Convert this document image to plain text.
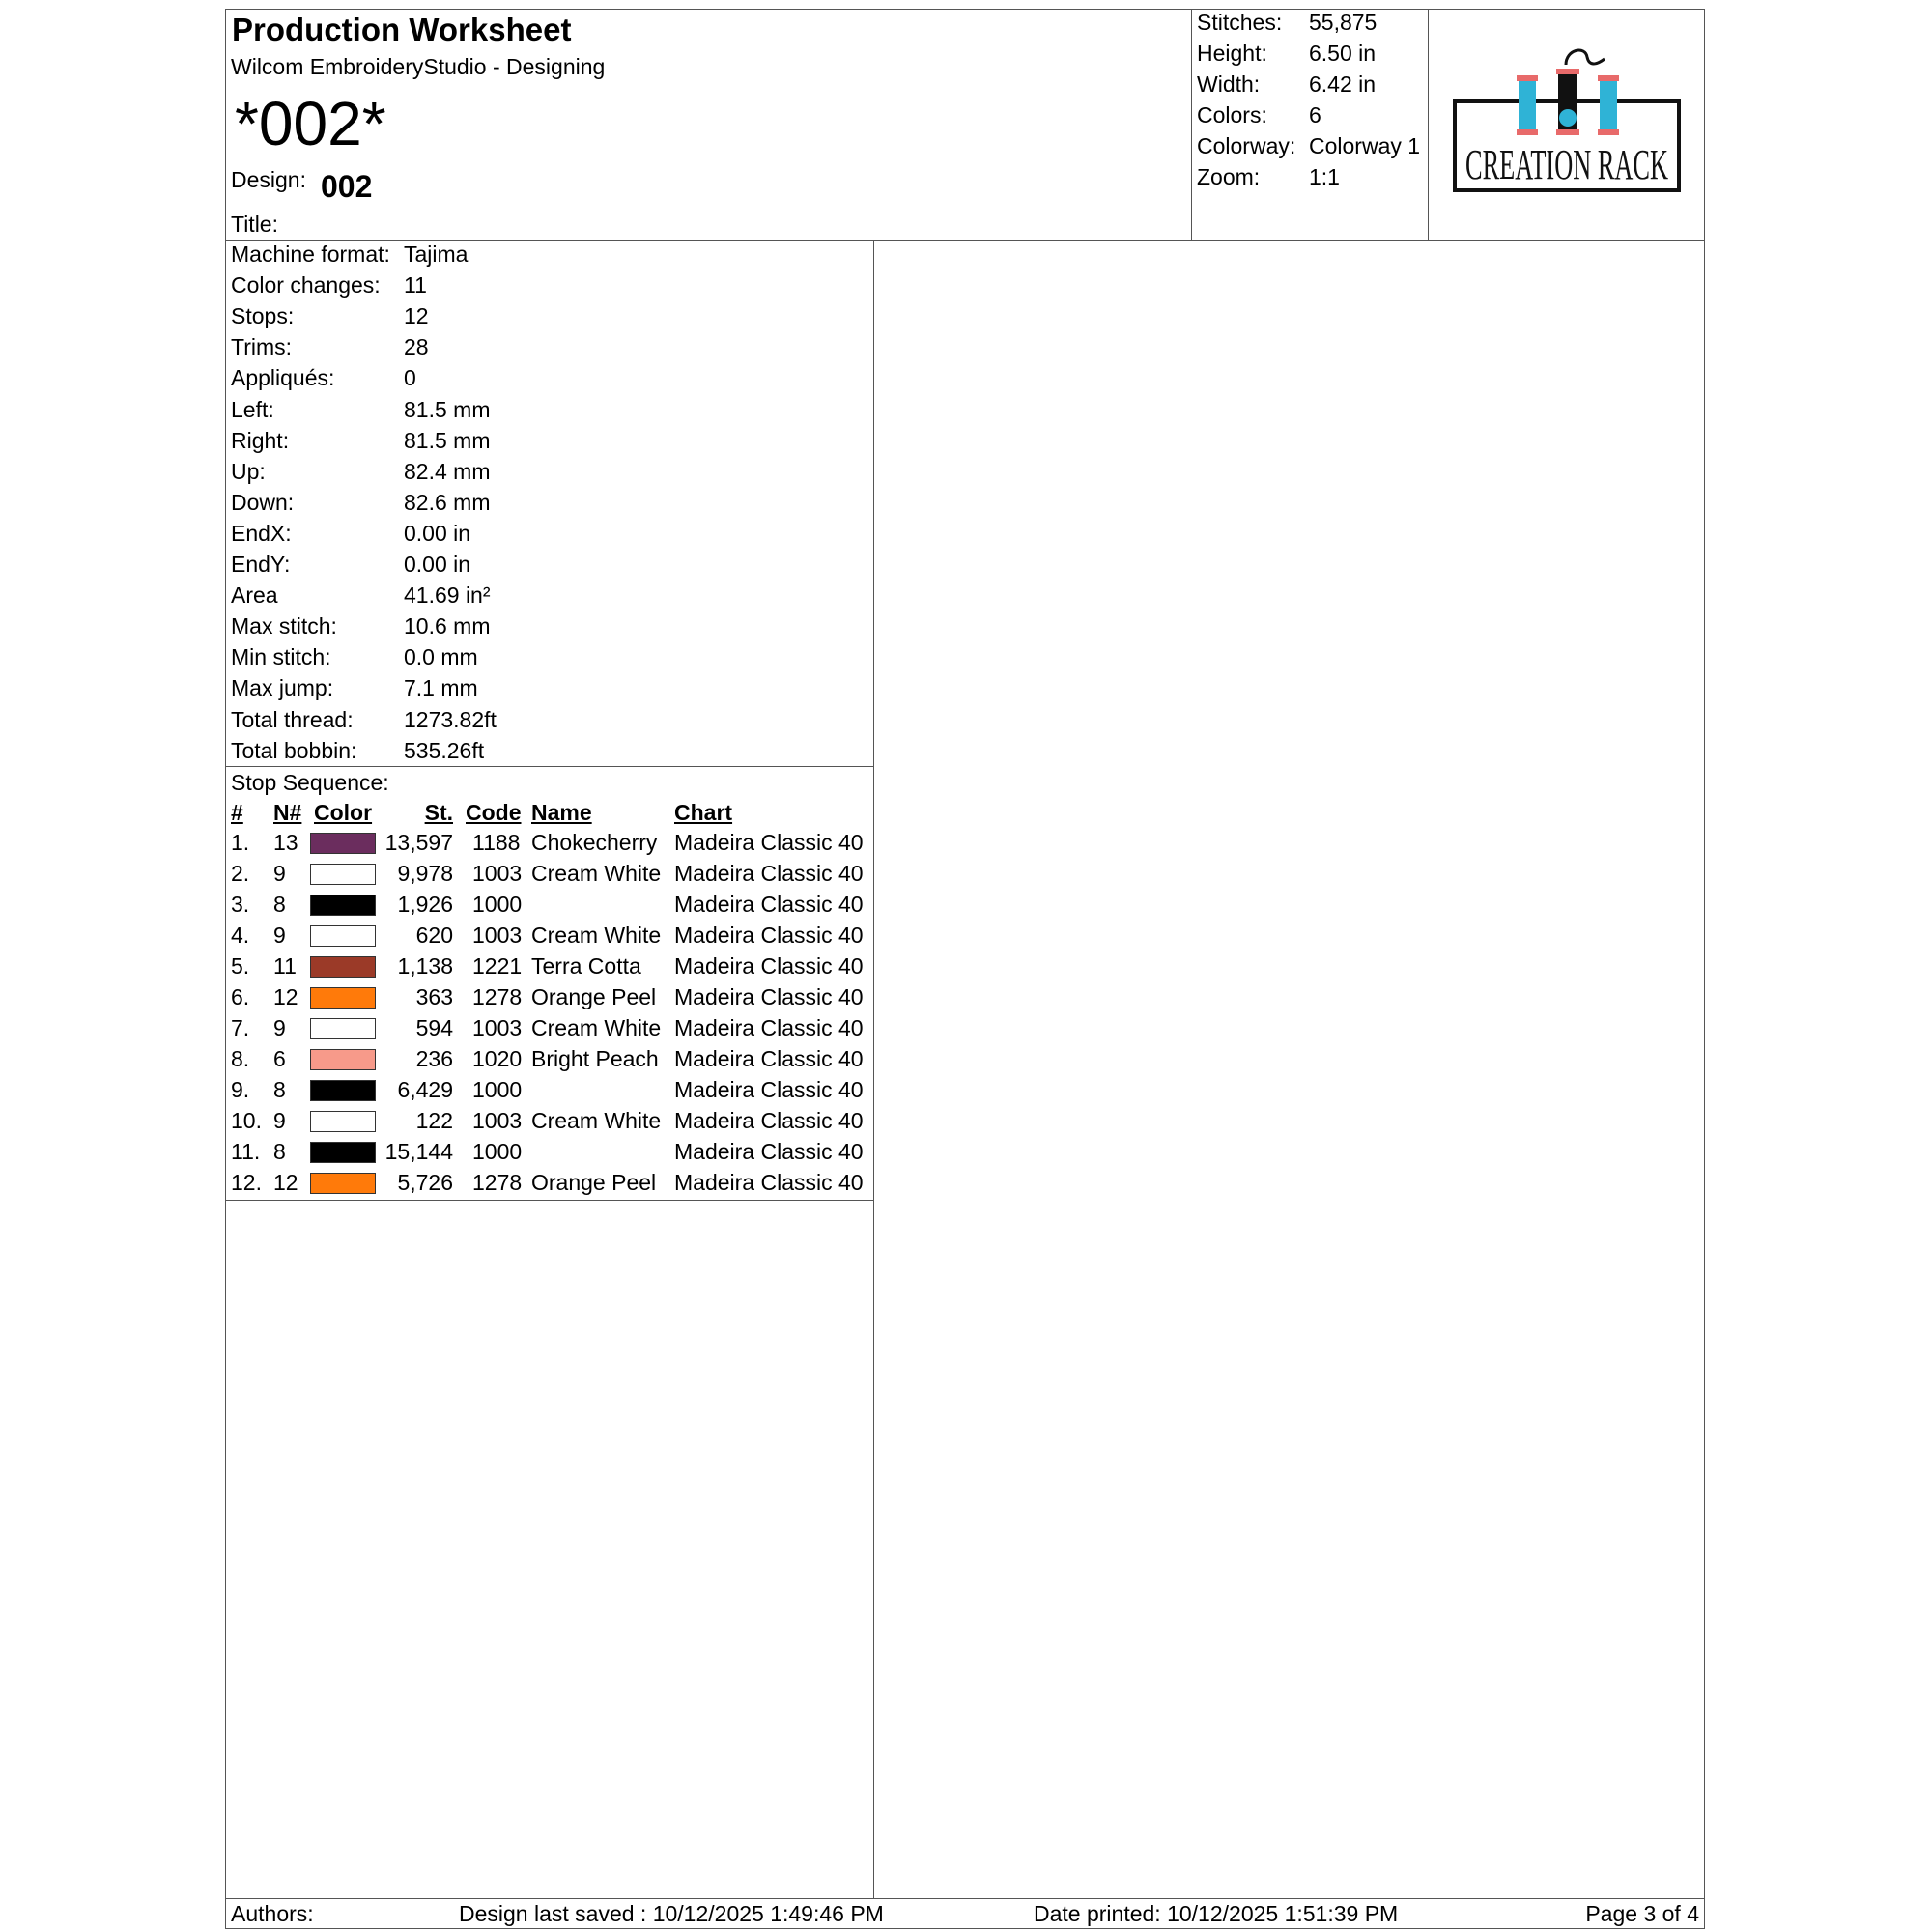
Production Worksheet
Wilcom EmbroideryStudio - Designing
*002*
Design: 002
Title:
Stitches: 55,875
Height: 6.50 in
Width: 6.42 in
Colors: 6
Colorway: Colorway 1
Zoom: 1:1	CREATION RACK
Machine format: Tajima
Color changes: 11
Stops:	12
Trims:	28
Appliqués:	0
Left:	81.5 mm
Right:	81.5 mm
Up:	82.4 mm
Down:	82.6 mm
EndX:	0.00 in
EndY:	0.00 in
Area	41.69 in²
Max stitch:	10.6 mm
Min stitch:	0.0 mm
Max jump:	7.1 mm
Total thread: 1273.82ft
Total bobbin: 535.26ft
Stop Sequence:
# N# Color St. Code Name	Chart
1. 13	13,597 1188 Chokecherry Madeira Classic 40
2. 9	9,978 1003 Cream White Madeira Classic 40
3. 8	1,926 1000	Madeira Classic 40
4. 9	620 1003 Cream White Madeira Classic 40
5. 11	1,138 1221 Terra Cotta Madeira Classic 40
6. 12	363 1278 Orange Peel Madeira Classic 40
7. 9	594 1003 Cream White Madeira Classic 40
8. 6	236 1020 Bright Peach Madeira Classic 40
9. 8	6,429 1000	Madeira Classic 40
10. 9	122 1003 Cream White Madeira Classic 40
11. 8	15,144 1000	Madeira Classic 40
12. 12	5,726 1278 Orange Peel Madeira Classic 40
Authors:	Design last saved : 10/12/2025 1:49:46 PM	Date printed: 10/12/2025 1:51:39 PM	Page 3 of 4
